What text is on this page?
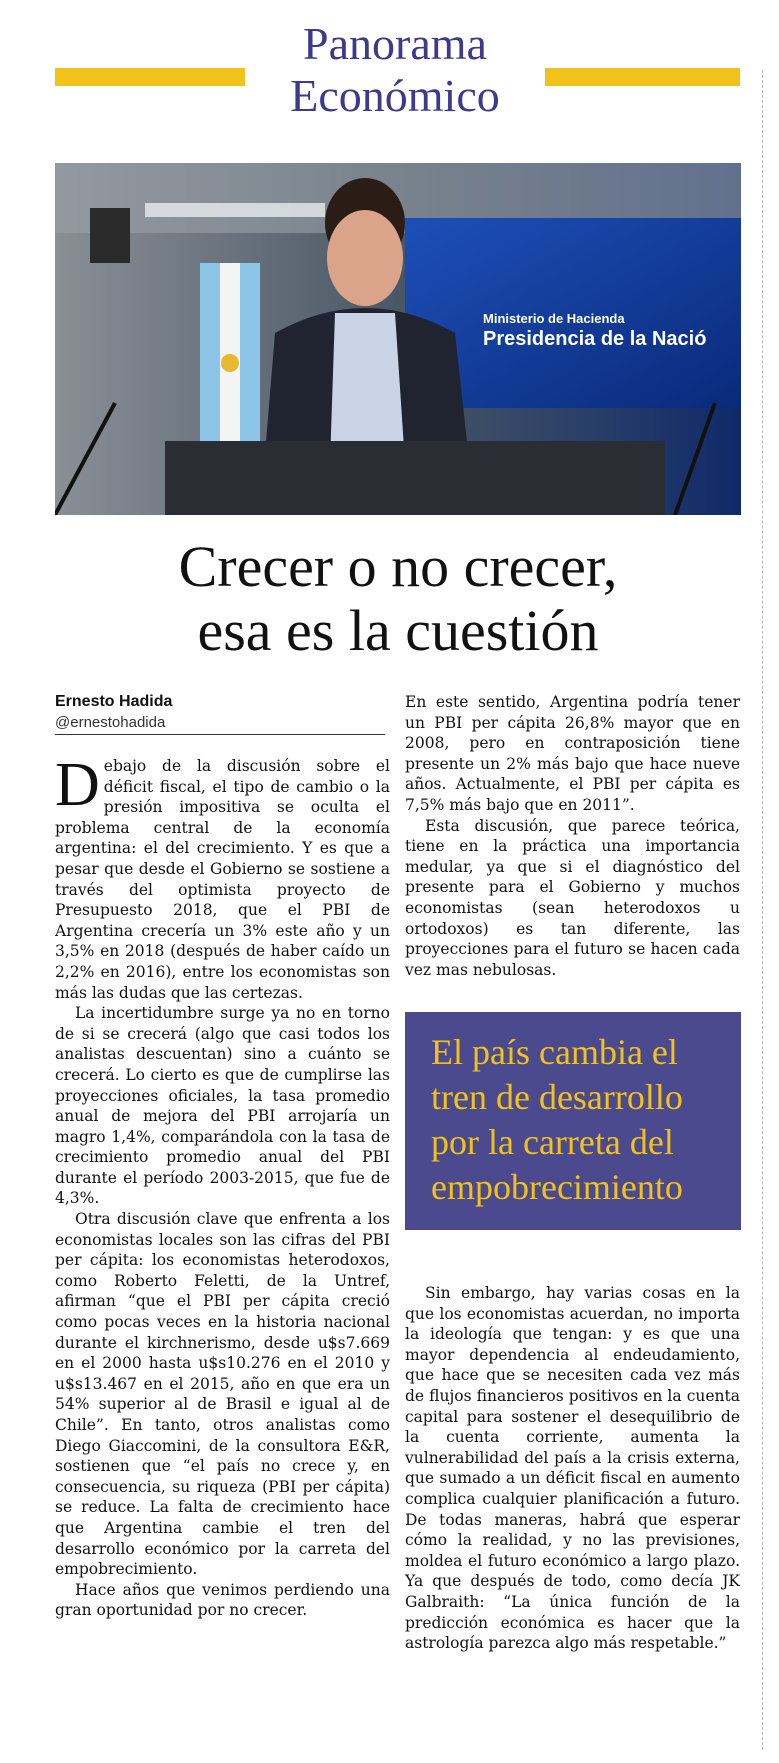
Panorama
Económico
Ministerio de Hacienda
Presidencia de la Nació
Crecer o no crecer,
esa es la cuestión
Ernesto Hadida
@ernestohadida

Debajo de la discusión sobre el déficit fiscal, el tipo de cambio o la presión impositiva se oculta el problema central de la economía argentina: el del crecimiento. Y es que a pesar que desde el Gobierno se sostiene a través del optimista proyecto de Presupuesto 2018, que el PBI de Argentina crecería un 3% este año y un 3,5% en 2018 (después de haber caído un 2,2% en 2016), entre los economistas son más las dudas que las certezas.

La incertidumbre surge ya no en torno de si se crecerá (algo que casi todos los analistas descuentan) sino a cuánto se crecerá. Lo cierto es que de cumplirse las proyecciones oficiales, la tasa promedio anual de mejora del PBI arrojaría un magro 1,4%, comparándola con la tasa de crecimiento promedio anual del PBI durante el período 2003-2015, que fue de 4,3%.

Otra discusión clave que enfrenta a los economistas locales son las cifras del PBI per cápita: los economistas heterodoxos, como Roberto Feletti, de la Untref, afirman “que el PBI per cápita creció como pocas veces en la historia nacional durante el kirchnerismo, desde u$s7.669 en el 2000 hasta u$s10.276 en el 2010 y u$s13.467 en el 2015, año en que era un 54% superior al de Brasil e igual al de Chile”. En tanto, otros analistas como Diego Giaccomini, de la consultora E&R, sostienen que “el país no crece y, en consecuencia, su riqueza (PBI per cápita) se reduce. La falta de crecimiento hace que Argentina cambie el tren del desarrollo económico por la carreta del empobrecimiento.

Hace años que venimos perdiendo una gran oportunidad por no crecer.

En este sentido, Argentina podría tener un PBI per cápita 26,8% mayor que en 2008, pero en contraposición tiene presente un 2% más bajo que hace nueve años. Actualmente, el PBI per cápita es 7,5% más bajo que en 2011”.

Esta discusión, que parece teórica, tiene en la práctica una importancia medular, ya que si el diagnóstico del presente para el Gobierno y muchos economistas (sean heterodoxos u ortodoxos) es tan diferente, las proyecciones para el futuro se hacen cada vez mas nebulosas.

El país cambia el tren de desarrollo por la carreta del empobrecimiento

Sin embargo, hay varias cosas en la que los economistas acuerdan, no importa la ideología que tengan: y es que una mayor dependencia al endeudamiento, que hace que se necesiten cada vez más de flujos financieros positivos en la cuenta capital para sostener el desequilibrio de la cuenta corriente, aumenta la vulnerabilidad del país a la crisis externa, que sumado a un déficit fiscal en aumento complica cualquier planificación a futuro. De todas maneras, habrá que esperar cómo la realidad, y no las previsiones, moldea el futuro económico a largo plazo. Ya que después de todo, como decía JK Galbraith: “La única función de la predicción económica es hacer que la astrología parezca algo más respetable.”
